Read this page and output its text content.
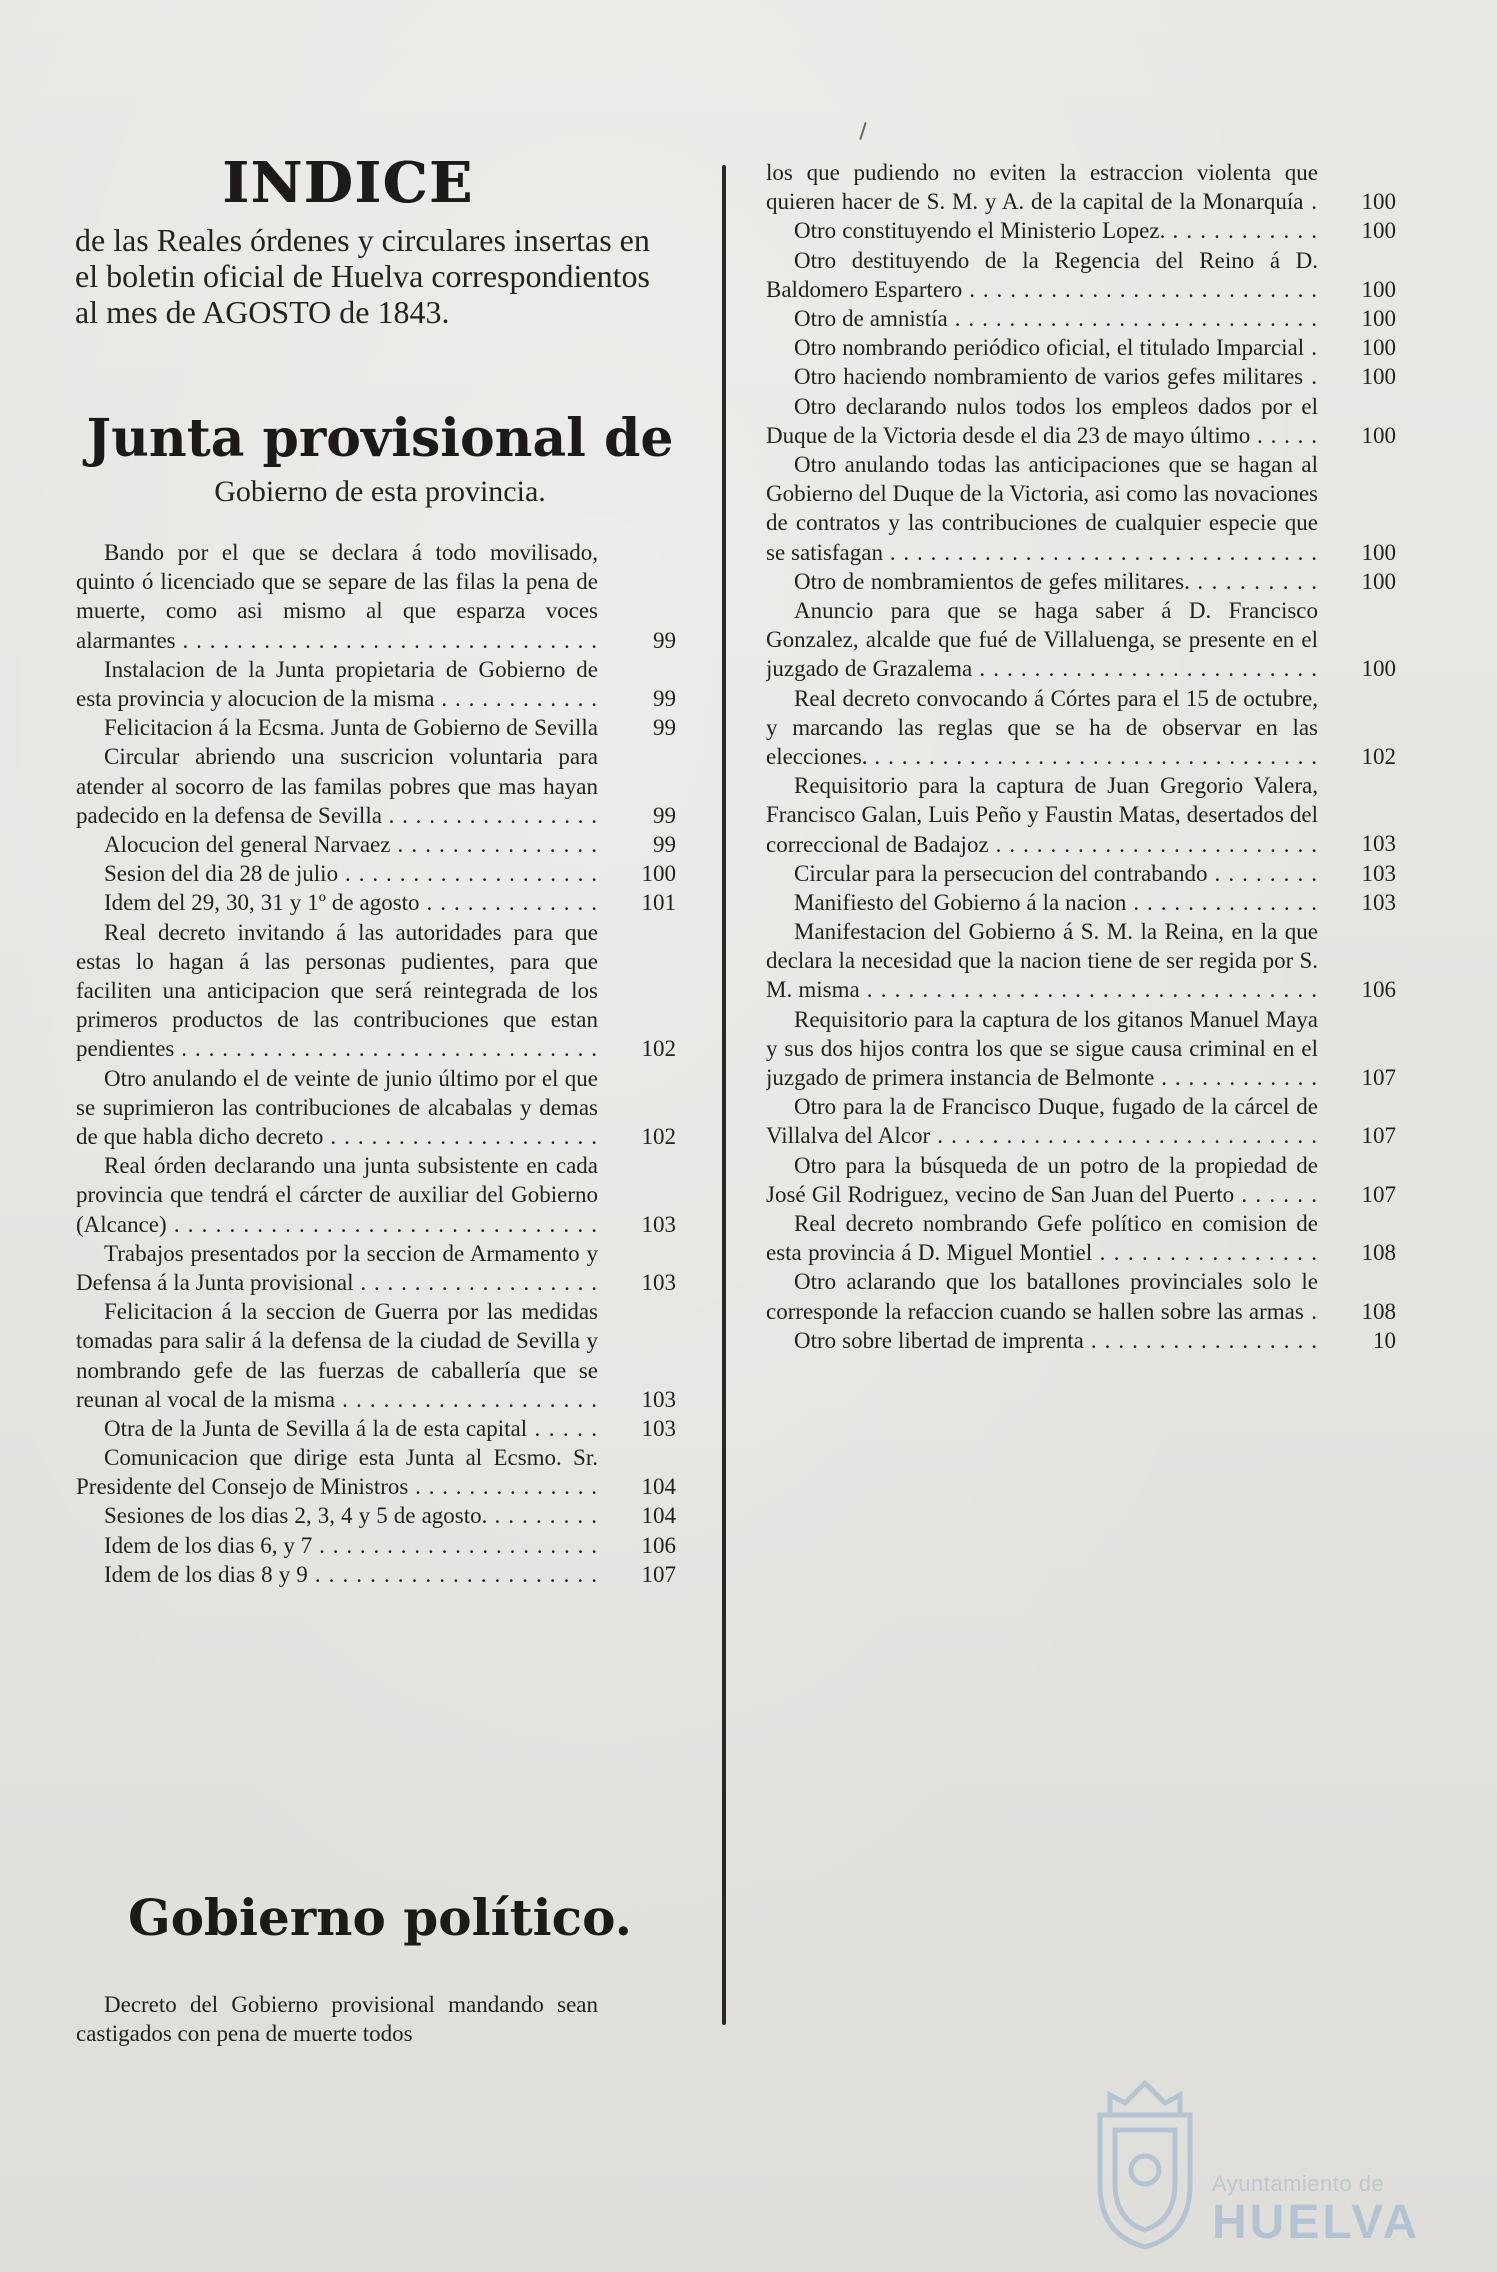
INDICE
de las Reales órdenes y circulares insertas en el boletin oficial de Huelva correspondientos al mes de AGOSTO de 1843.
Junta provisional de
Gobierno de esta provincia.
Bando por el que se declara á todo movilisado, quinto ó licenciado que se separe de las filas la pena de muerte, como asi mismo al que esparza voces alarmantes . . .	99
Instalacion de la Junta propietaria de Gobierno de esta provincia y alocucion de la misma . . .	99
Felicitacion á la Ecsma. Junta de Gobierno de Sevilla . . .	99
Circular abriendo una suscricion voluntaria para atender al socorro de las familas pobres que mas hayan padecido en la defensa de Sevilla . . .	99
Alocucion del general Narvaez . . .	99
Sesion del dia 28 de julio . . .	100
Idem del 29, 30, 31 y 1º de agosto . . .	101
Real decreto invitando á las autoridades para que estas lo hagan á las personas pudientes, para que faciliten una anticipacion que será reintegrada de los primeros productos de las contribuciones que estan pendientes . . .	102
Otro anulando el de veinte de junio último por el que se suprimieron las contribuciones de alcabalas y demas de que habla dicho decreto . . .	102
Real órden declarando una junta subsistente en cada provincia que tendrá el cárcter de auxiliar del Gobierno (Alcance) . . .	103
Trabajos presentados por la seccion de Armamento y Defensa á la Junta provisional . . .	103
Felicitacion á la seccion de Guerra por las medidas tomadas para salir á la defensa de la ciudad de Sevilla y nombrando gefe de las fuerzas de caballería que se reunan al vocal de la misma . . .	103
Otra de la Junta de Sevilla á la de esta capital . . .	103
Comunicacion que dirige esta Junta al Ecsmo. Sr. Presidente del Consejo de Ministros . . .	104
Sesiones de los dias 2, 3, 4 y 5 de agosto. . . .	104
Idem de los dias 6, y 7 . . .	106
Idem de los dias 8 y 9 . . .	107
Gobierno político.
Decreto del Gobierno provisional mandando sean castigados con pena de muerte todos
los que pudiendo no eviten la estraccion violenta que quieren hacer de S. M. y A. de la capital de la Monarquía . . .	100
Otro constituyendo el Ministerio Lopez. . . .	100
Otro destituyendo de la Regencia del Reino á D. Baldomero Espartero . . .	100
Otro de amnistía . . .	100
Otro nombrando periódico oficial, el titulado Imparcial . . .	100
Otro haciendo nombramiento de varios gefes militares . . .	100
Otro declarando nulos todos los empleos dados por el Duque de la Victoria desde el dia 23 de mayo último . . .	100
Otro anulando todas las anticipaciones que se hagan al Gobierno del Duque de la Victoria, asi como las novaciones de contratos y las contribuciones de cualquier especie que se satisfagan . . .	100
Otro de nombramientos de gefes militares. . . .	100
Anuncio para que se haga saber á D. Francisco Gonzalez, alcalde que fué de Villaluenga, se presente en el juzgado de Grazalema . . .	100
Real decreto convocando á Córtes para el 15 de octubre, y marcando las reglas que se ha de observar en las elecciones. . . .	102
Requisitorio para la captura de Juan Gregorio Valera, Francisco Galan, Luis Peño y Faustin Matas, desertados del correccional de Badajoz . . .	103
Circular para la persecucion del contrabando . . .	103
Manifiesto del Gobierno á la nacion . . .	103
Manifestacion del Gobierno á S. M. la Reina, en la que declara la necesidad que la nacion tiene de ser regida por S. M. misma . . .	106
Requisitorio para la captura de los gitanos Manuel Maya y sus dos hijos contra los que se sigue causa criminal en el juzgado de primera instancia de Belmonte . . .	107
Otro para la de Francisco Duque, fugado de la cárcel de Villalva del Alcor . . .	107
Otro para la búsqueda de un potro de la propiedad de José Gil Rodriguez, vecino de San Juan del Puerto . . .	107
Real decreto nombrando Gefe político en comision de esta provincia á D. Miguel Montiel . . .	108
Otro aclarando que los batallones provinciales solo le corresponde la refaccion cuando se hallen sobre las armas . . .	108
Otro sobre libertad de imprenta . . .	10
Ayuntamiento de
HUELVA
